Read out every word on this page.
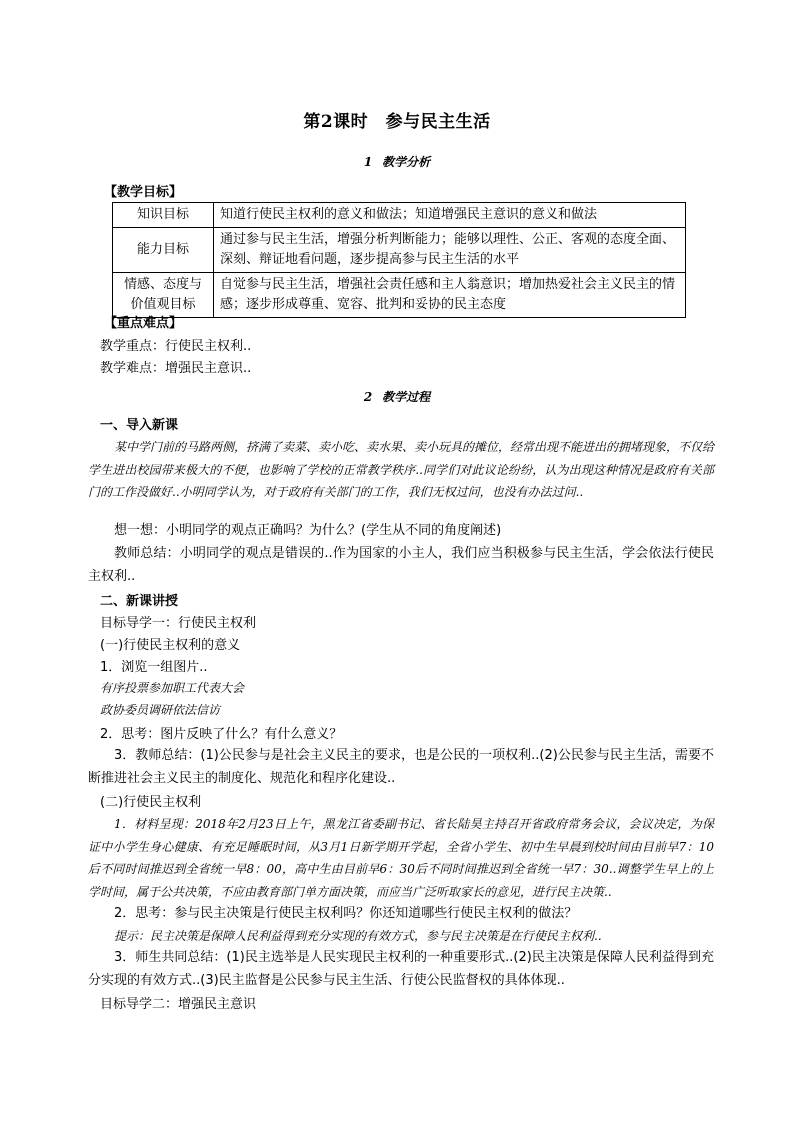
第2课时　参与民主生活
1 教学分析
【教学目标】
知识目标	知道行使民主权利的意义和做法；知道增强民主意识的意义和做法
能力目标	通过参与民主生活，增强分析判断能力；能够以理性、公正、客观的态度全面、深刻、辩证地看问题，逐步提高参与民主生活的水平
情感、态度与价值观目标	自觉参与民主生活，增强社会责任感和主人翁意识；增加热爱社会主义民主的情感；逐步形成尊重、宽容、批判和妥协的民主态度
【重点难点】
教学重点：行使民主权利..
教学难点：增强民主意识..
2 教学过程
一、导入新课
某中学门前的马路两侧，挤满了卖菜、卖小吃、卖水果、卖小玩具的摊位，经常出现不能进出的拥堵现象，不仅给学生进出校园带来极大的不便，也影响了学校的正常教学秩序..同学们对此议论纷纷，认为出现这种情况是政府有关部门的工作没做好..小明同学认为，对于政府有关部门的工作，我们无权过问，也没有办法过问..
想一想：小明同学的观点正确吗？为什么？(学生从不同的角度阐述)
教师总结：小明同学的观点是错误的..作为国家的小主人，我们应当积极参与民主生活，学会依法行使民主权利..
二、新课讲授
目标导学一：行使民主权利
(一)行使民主权利的意义
1．浏览一组图片..
有序投票参加职工代表大会
政协委员调研依法信访
2．思考：图片反映了什么？有什么意义？
3．教师总结：(1)公民参与是社会主义民主的要求，也是公民的一项权利..(2)公民参与民主生活，需要不断推进社会主义民主的制度化、规范化和程序化建设..
(二)行使民主权利
1．材料呈现：2018年2月23日上午，黑龙江省委副书记、省长陆昊主持召开省政府常务会议，会议决定，为保证中小学生身心健康、有充足睡眠时间，从3月1日新学期开学起，全省小学生、初中生早晨到校时间由目前早7：10后不同时间推迟到全省统一早8：00，高中生由目前早6：30后不同时间推迟到全省统一早7：30..调整学生早上的上学时间，属于公共决策，不应由教育部门单方面决策，而应当广泛听取家长的意见，进行民主决策..
2．思考：参与民主决策是行使民主权利吗？你还知道哪些行使民主权利的做法？
提示：民主决策是保障人民利益得到充分实现的有效方式，参与民主决策是在行使民主权利..
3．师生共同总结：(1)民主选举是人民实现民主权利的一种重要形式..(2)民主决策是保障人民利益得到充分实现的有效方式..(3)民主监督是公民参与民主生活、行使公民监督权的具体体现..
目标导学二：增强民主意识
